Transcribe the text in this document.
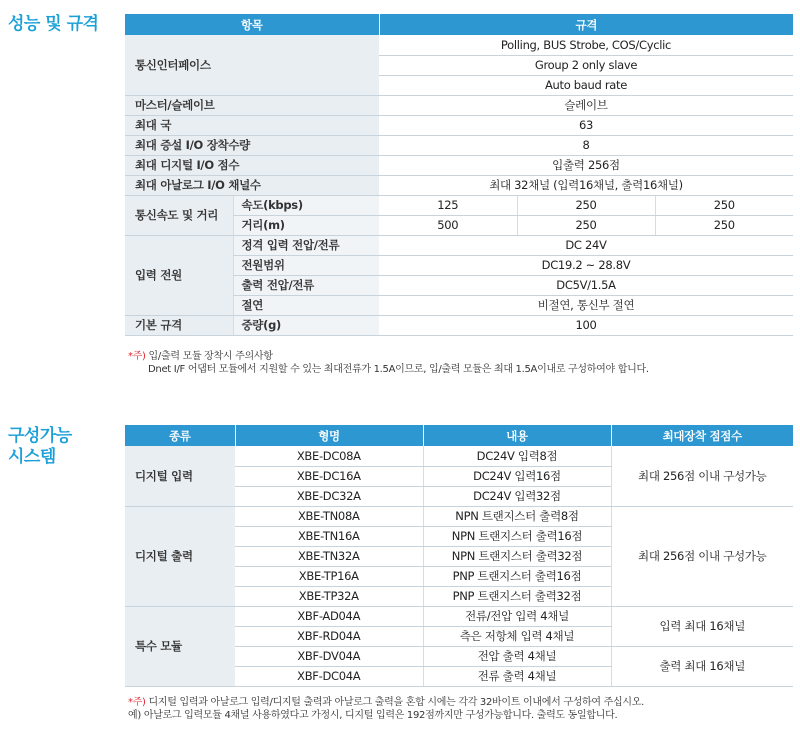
성능 및 규격	항목		규격		
통신인터페이스		Polling, BUS Strobe, COS/Cyclic		
		Group 2 only slave		
		Auto baud rate		
마스터/슬레이브		슬레이브		
최대 국		63		
최대 증설 I/O 장착수량		8		
최대 디지털 I/O 점수		입출력 256점		
최대 아날로그 I/O 채널수		최대 32채널 (입력16채널, 출력16채널)		
통신속도 및 거리	속도(kbps)	125	250	250
	거리(m)	500	250	250
입력 전원	정격 입력 전압/전류	DC 24V		
	전원범위	DC19.2 ~ 28.8V		
	출력 전압/전류	DC5V/1.5A		
	절연	비절연, 통신부 절연		
기본 규격	중량(g)	100		
*주) 입/출력 모듈 장착시 주의사항
Dnet I/F 어댑터 모듈에서 지원할 수 있는 최대전류가 1.5A이므로, 입/출력 모듈은 최대 1.5A이내로 구성하여야 합니다.
구성가능
시스템
종류	형명	내용	최대장착 점점수
디지털 입력	XBE-DC08A	DC24V 입력8점	최대 256점 이내 구성가능
	XBE-DC16A	DC24V 입력16점	
	XBE-DC32A	DC24V 입력32점	
디지털 출력	XBE-TN08A	NPN 트랜지스터 출력8점	최대 256점 이내 구성가능
	XBE-TN16A	NPN 트랜지스터 출력16점	
	XBE-TN32A	NPN 트랜지스터 출력32점	
	XBE-TP16A	PNP 트랜지스터 출력16점	
	XBE-TP32A	PNP 트랜지스터 출력32점	
특수 모듈	XBF-AD04A	전류/전압 입력 4채널	입력 최대 16채널
	XBF-RD04A	측은 저항체 입력 4채널	
	XBF-DV04A	전압 출력 4채널	출력 최대 16채널
	XBF-DC04A	전류 출력 4채널	
*주) 디지털 입력과 아날로그 입력/디지털 출력과 아날로그 출력을 혼합 시에는 각각 32바이트 이내에서 구성하여 주십시오.
예) 아날로그 입력모듈 4채널 사용하였다고 가정시, 디지털 입력은 192점까지만 구성가능합니다. 출력도 동일합니다.
